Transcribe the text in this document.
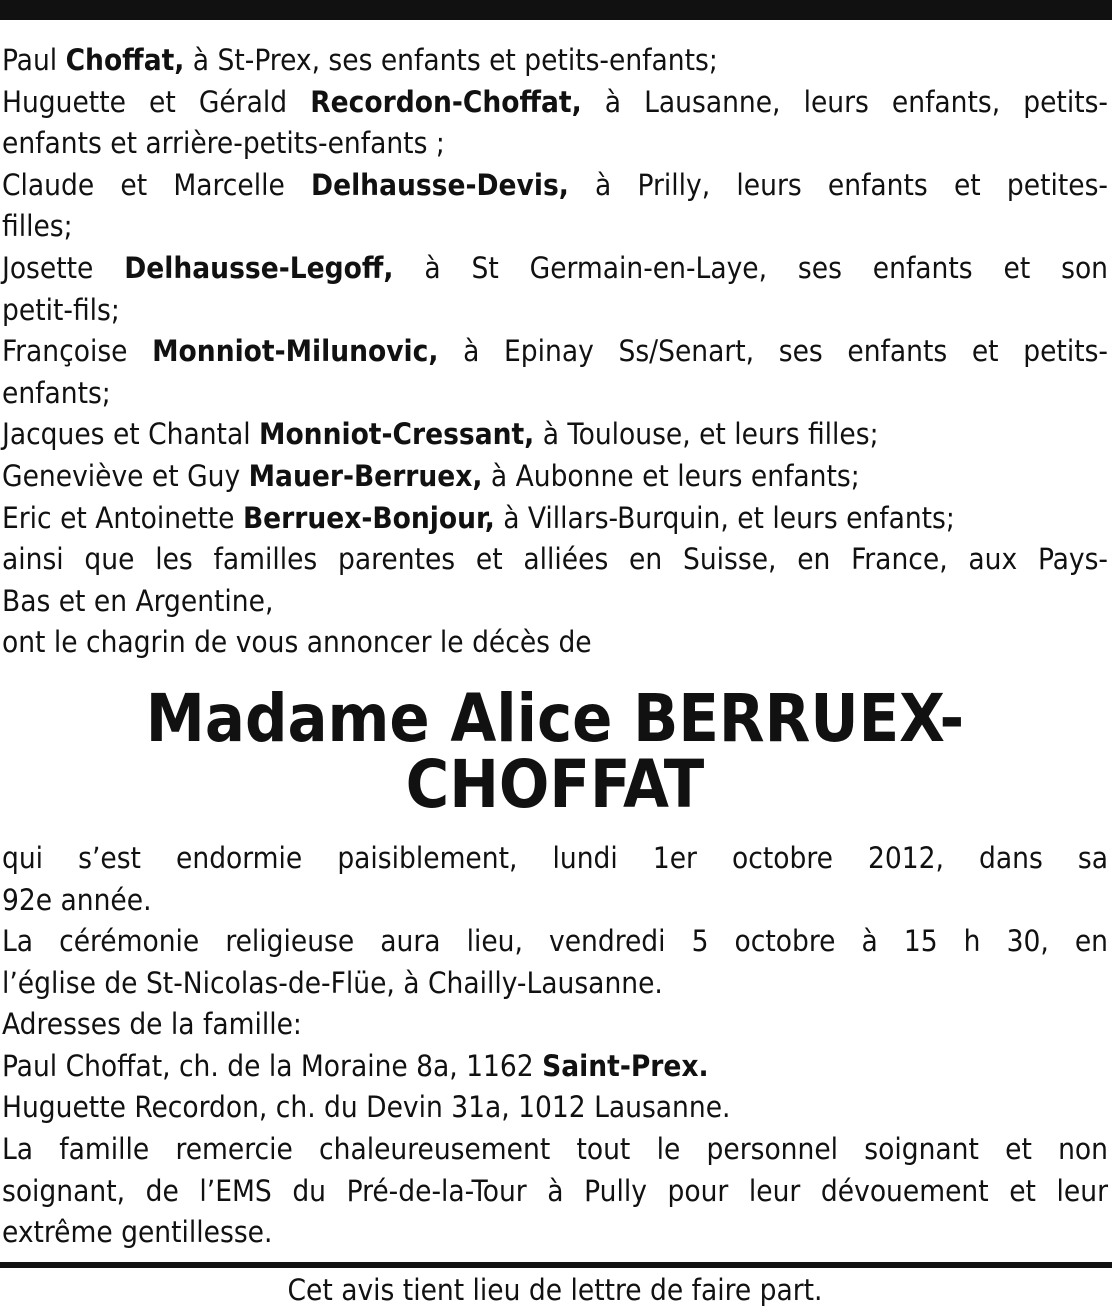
Paul Choffat, à St-Prex, ses enfants et petits-enfants;
Huguette et Gérald Recordon-Choffat, à Lausanne, leurs enfants, petits-
enfants et arrière-petits-enfants ;
Claude et Marcelle Delhausse-Devis, à Prilly, leurs enfants et petites-
filles;
Josette Delhausse-Legoff, à St Germain-en-Laye, ses enfants et son
petit-fils;
Françoise Monniot-Milunovic, à Epinay Ss/Senart, ses enfants et petits-
enfants;
Jacques et Chantal Monniot-Cressant, à Toulouse, et leurs filles;
Geneviève et Guy Mauer-Berruex, à Aubonne et leurs enfants;
Eric et Antoinette Berruex-Bonjour, à Villars-Burquin, et leurs enfants;
ainsi que les familles parentes et alliées en Suisse, en France, aux Pays-
Bas et en Argentine,
ont le chagrin de vous annoncer le décès de
Madame Alice BERRUEX-CHOFFAT
qui s’est endormie paisiblement, lundi 1er octobre 2012, dans sa
92e année.
La cérémonie religieuse aura lieu, vendredi 5 octobre à 15 h 30, en
l’église de St-Nicolas-de-Flüe, à Chailly-Lausanne.
Adresses de la famille:
Paul Choffat, ch. de la Moraine 8a, 1162 Saint-Prex.
Huguette Recordon, ch. du Devin 31a, 1012 Lausanne.
La famille remercie chaleureusement tout le personnel soignant et non
soignant, de l’EMS du Pré-de-la-Tour à Pully pour leur dévouement et leur
extrême gentillesse.
Cet avis tient lieu de lettre de faire part.
